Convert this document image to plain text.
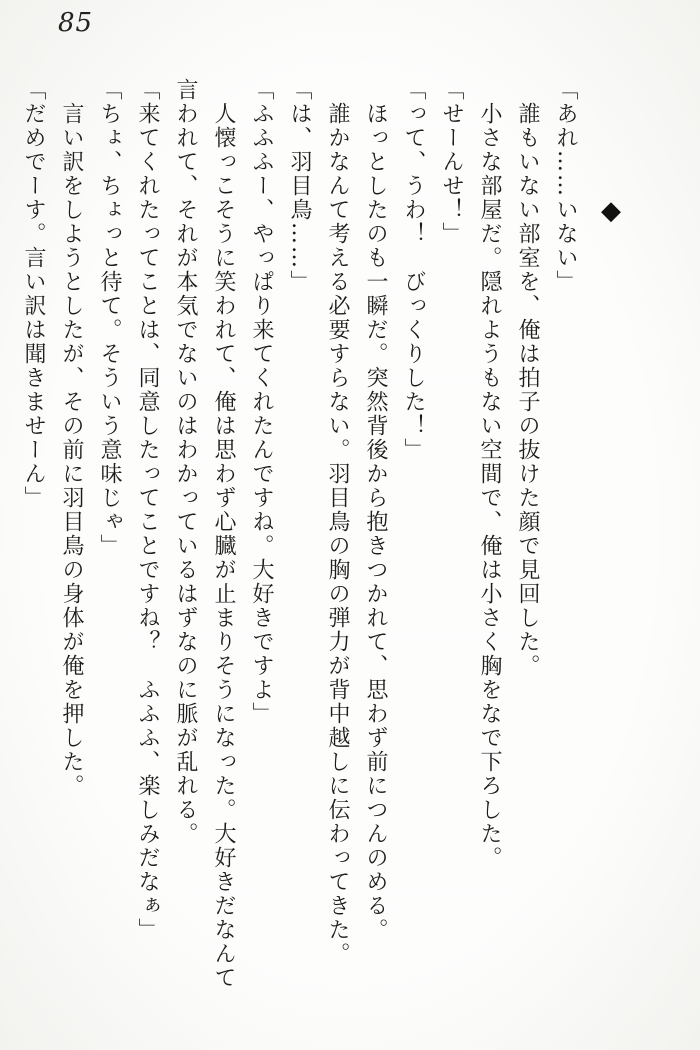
85

◆

「あれ……いない」

　誰もいない部室を、俺は拍子の抜けた顔で見回した。

　小さな部屋だ。隠れようもない空間で、俺は小さく胸をなで下ろした。

「せーんせ！」

「って、うわ！　びっくりした！」

　ほっとしたのも一瞬だ。突然背後から抱きつかれて、思わず前につんのめる。

　誰かなんて考える必要すらない。羽目鳥の胸の弾力が背中越しに伝わってきた。

「は、羽目鳥……」

「ふふふー、やっぱり来てくれたんですね。大好きですよ」

　人懐っこそうに笑われて、俺は思わず心臓が止まりそうになった。大好きだなんて言われて、それが本気でないのはわかっているはずなのに脈が乱れる。

「来てくれたってことは、同意したってことですね？　ふふふ、楽しみだなぁ」

「ちょ、ちょっと待て。そういう意味じゃ」

　言い訳をしようとしたが、その前に羽目鳥の身体が俺を押した。

「だめでーす。言い訳は聞きませーん」
